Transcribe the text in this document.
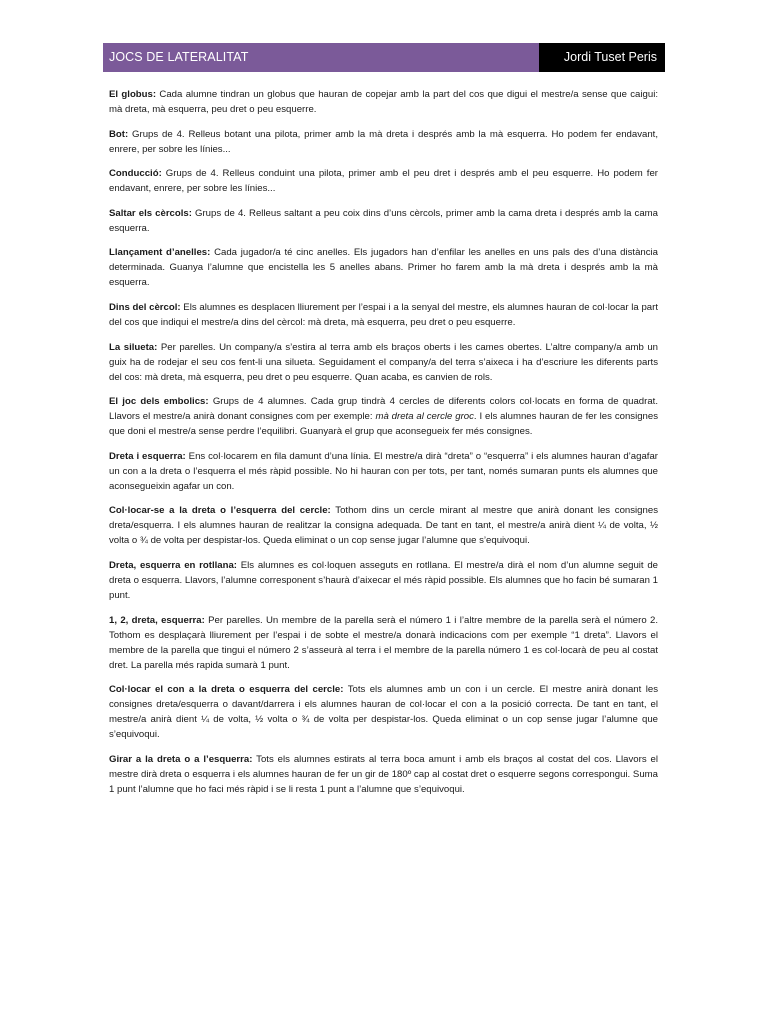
JOCS DE LATERALITAT	Jordi Tuset Peris

El globus: Cada alumne tindran un globus que hauran de copejar amb la part del cos que digui el mestre/a sense que caigui: mà dreta, mà esquerra, peu dret o peu esquerre.

Bot: Grups de 4. Relleus botant una pilota, primer amb la mà dreta i després amb la mà esquerra. Ho podem fer endavant, enrere, per sobre les línies...

Conducció: Grups de 4. Relleus conduint una pilota, primer amb el peu dret i després amb el peu esquerre. Ho podem fer endavant, enrere, per sobre les línies...

Saltar els cèrcols: Grups de 4. Relleus saltant a peu coix dins d’uns cèrcols, primer amb la cama dreta i després amb la cama esquerra.

Llançament d’anelles: Cada jugador/a té cinc anelles. Els jugadors han d’enfilar les anelles en uns pals des d’una distància determinada. Guanya l’alumne que encistella les 5 anelles abans. Primer ho farem amb la mà dreta i després amb la mà esquerra.

Dins del cèrcol: Els alumnes es desplacen lliurement per l’espai i a la senyal del mestre, els alumnes hauran de col·locar la part del cos que indiqui el mestre/a dins del cèrcol: mà dreta, mà esquerra, peu dret o peu esquerre.

La silueta: Per parelles. Un company/a s’estira al terra amb els braços oberts i les cames obertes. L’altre company/a amb un guix ha de rodejar el seu cos fent-li una silueta. Seguidament el company/a del terra s’aixeca i ha d’escriure les diferents parts del cos: mà dreta, mà esquerra, peu dret o peu esquerre. Quan acaba, es canvien de rols.

El joc dels embolics: Grups de 4 alumnes. Cada grup tindrà 4 cercles de diferents colors col·locats en forma de quadrat. Llavors el mestre/a anirà donant consignes com per exemple: mà dreta al cercle groc. I els alumnes hauran de fer les consignes que doni el mestre/a sense perdre l’equilibri. Guanyarà el grup que aconsegueix fer més consignes.

Dreta i esquerra: Ens col·locarem en fila damunt d’una línia. El mestre/a dirà “dreta” o “esquerra” i els alumnes hauran d’agafar un con a la dreta o l’esquerra el més ràpid possible. No hi hauran con per tots, per tant, només sumaran punts els alumnes que aconsegueixin agafar un con.

Col·locar-se a la dreta o l’esquerra del cercle: Tothom dins un cercle mirant al mestre que anirà donant les consignes dreta/esquerra. I els alumnes hauran de realitzar la consigna adequada. De tant en tant, el mestre/a anirà dient ¼ de volta, ½ volta o ¾ de volta per despistar-los. Queda eliminat o un cop sense jugar l’alumne que s’equivoqui.

Dreta, esquerra en rotllana: Els alumnes es col·loquen asseguts en rotllana. El mestre/a dirà el nom d’un alumne seguit de dreta o esquerra. Llavors, l’alumne corresponent s’haurà d’aixecar el més ràpid possible. Els alumnes que ho facin bé sumaran 1 punt.

1, 2, dreta, esquerra: Per parelles. Un membre de la parella serà el número 1 i l’altre membre de la parella serà el número 2. Tothom es desplaçarà lliurement per l’espai i de sobte el mestre/a donarà indicacions com per exemple “1 dreta”. Llavors el membre de la parella que tingui el número 2 s’asseurà al terra i el membre de la parella número 1 es col·locarà de peu al costat dret. La parella més rapida sumarà 1 punt.

Col·locar el con a la dreta o esquerra del cercle: Tots els alumnes amb un con i un cercle. El mestre anirà donant les consignes dreta/esquerra o davant/darrera i els alumnes hauran de col·locar el con a la posició correcta. De tant en tant, el mestre/a anirà dient ¼ de volta, ½ volta o ¾ de volta per despistar-los. Queda eliminat o un cop sense jugar l’alumne que s’equivoqui.

Girar a la dreta o a l’esquerra: Tots els alumnes estirats al terra boca amunt i amb els braços al costat del cos. Llavors el mestre dirà dreta o esquerra i els alumnes hauran de fer un gir de 180º cap al costat dret o esquerre segons correspongui. Suma 1 punt l’alumne que ho faci més ràpid i se li resta 1 punt a l’alumne que s’equivoqui.
